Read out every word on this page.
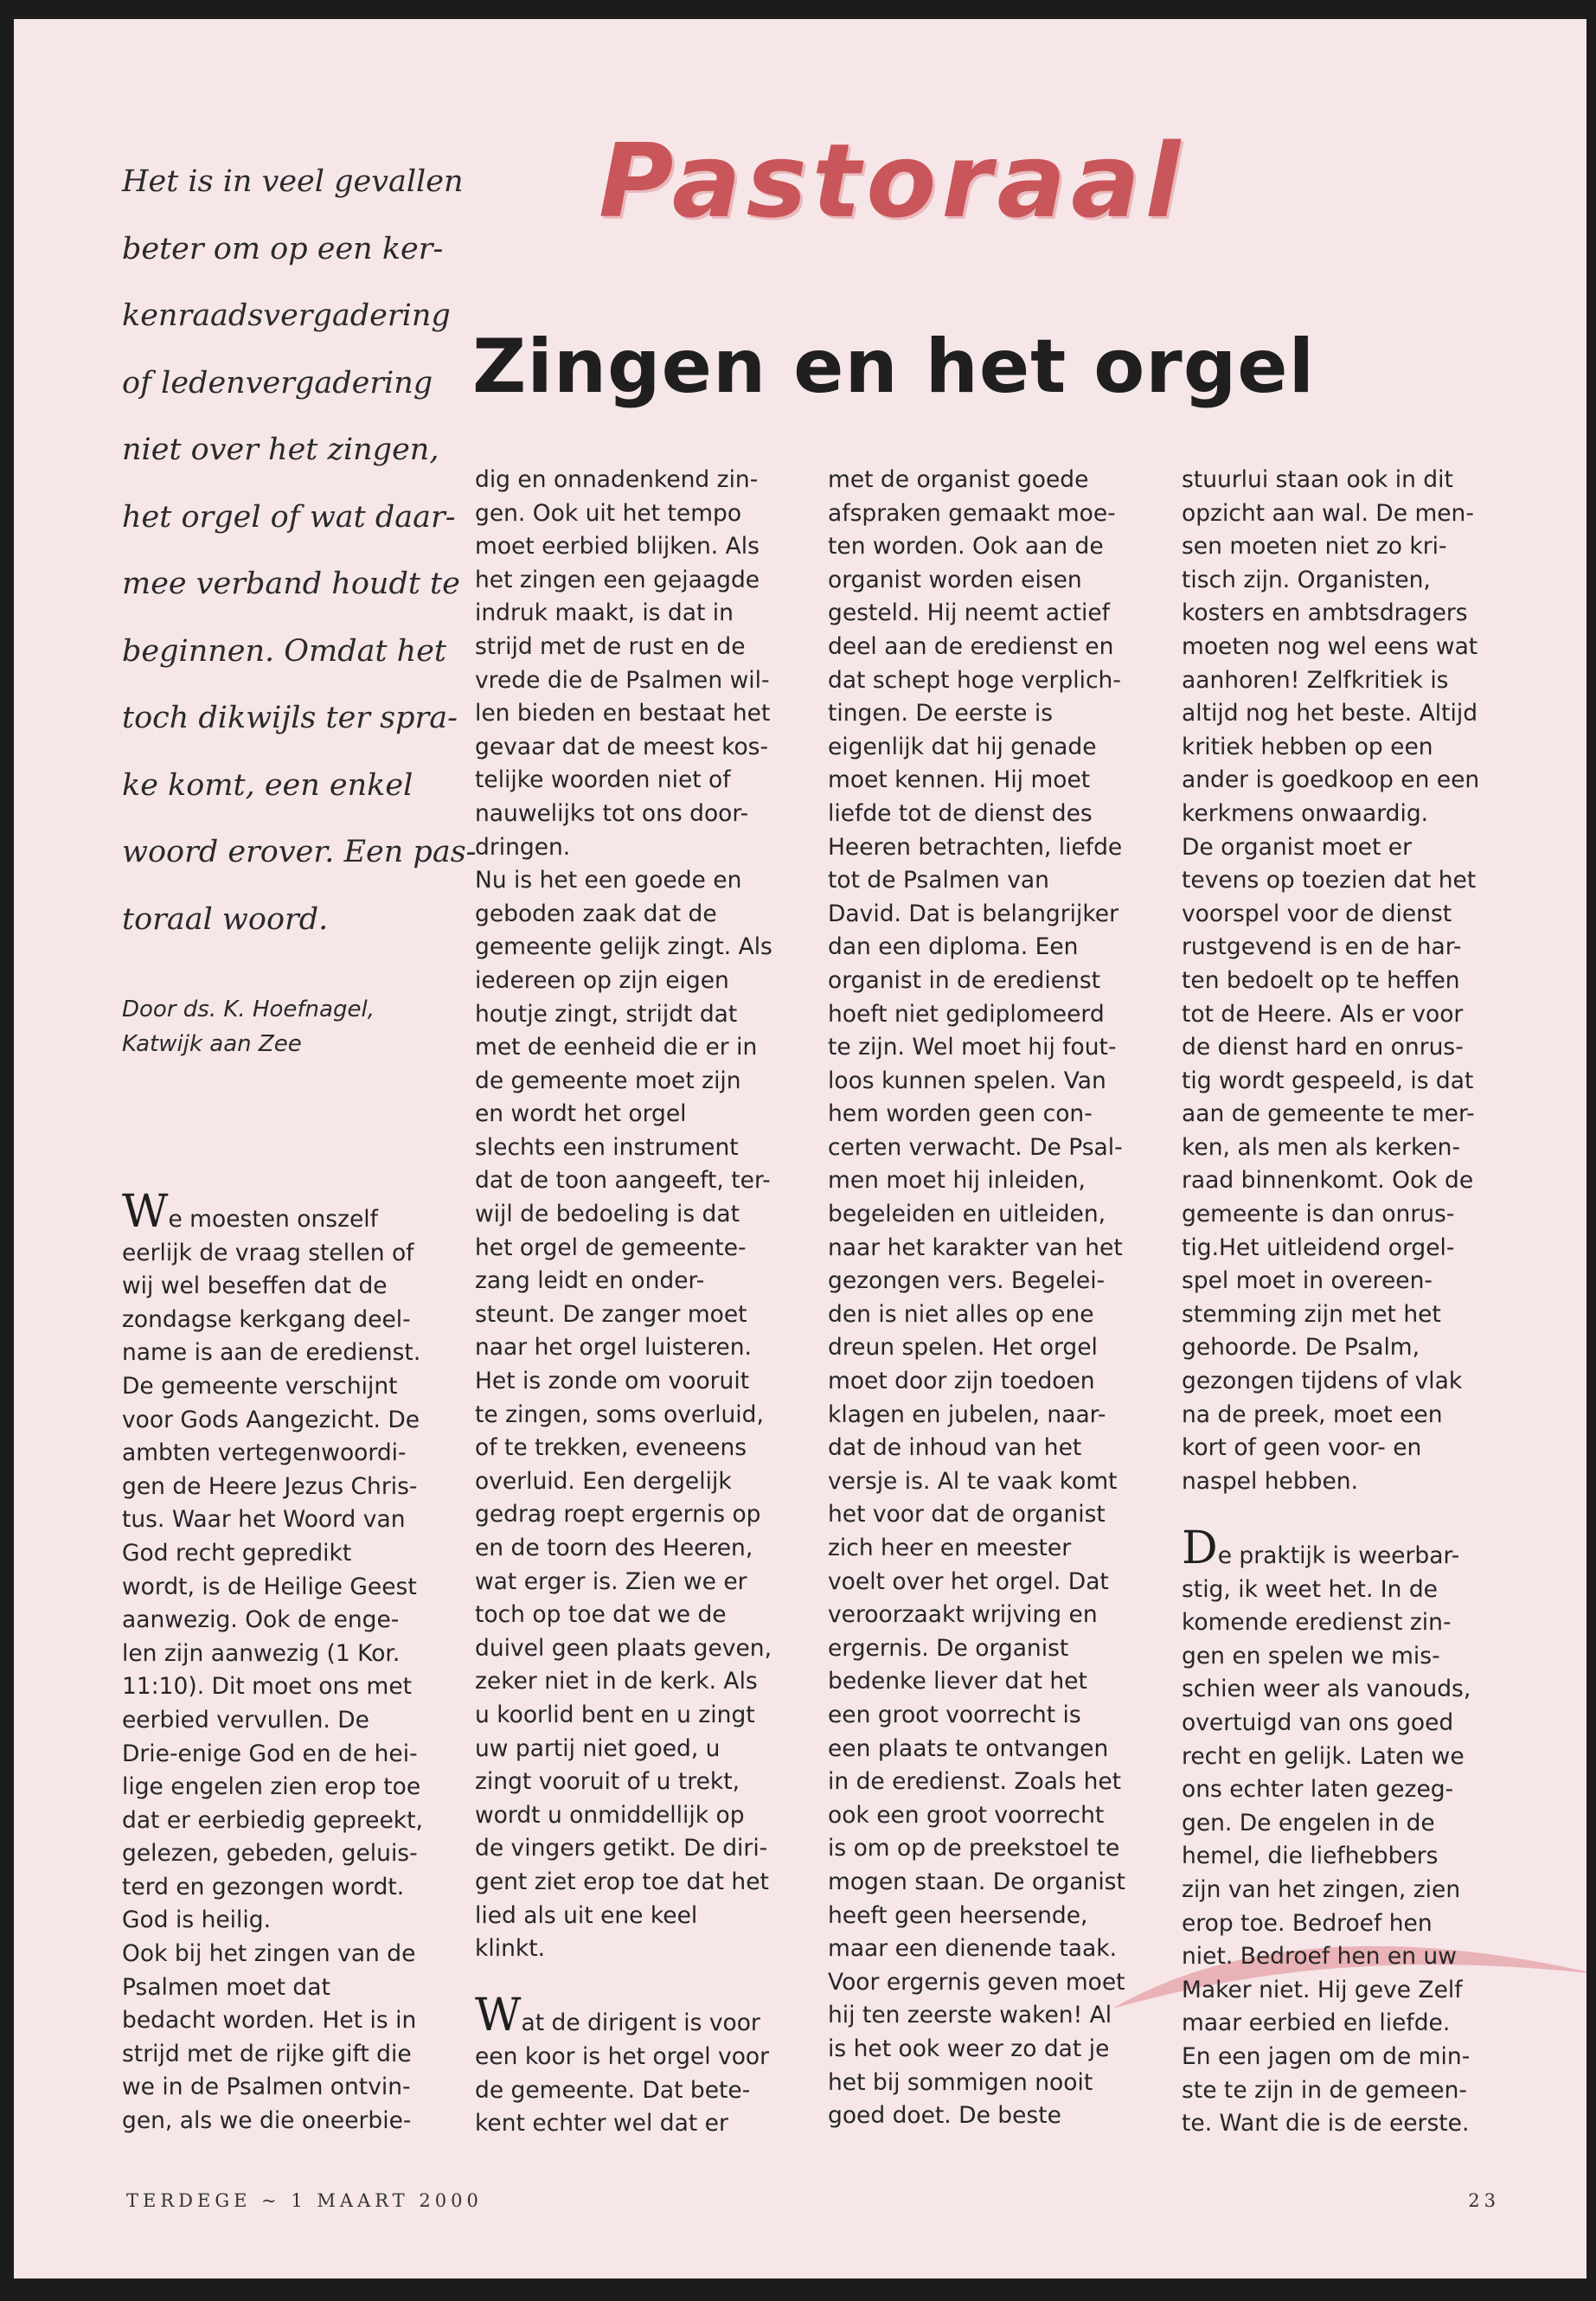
Pastoraal
Zingen en het orgel

Het is in veel gevallen
beter om op een ker-
kenraadsvergadering
of ledenvergadering
niet over het zingen,
het orgel of wat daar-
mee verband houdt te
beginnen. Omdat het
toch dikwijls ter spra-
ke komt, een enkel
woord erover. Een pas-
toraal woord.

Door ds. K. Hoefnagel,
Katwijk aan Zee
We moesten onszelf
eerlijk de vraag stellen of
wij wel beseffen dat de
zondagse kerkgang deel-
name is aan de eredienst.
De gemeente verschijnt
voor Gods Aangezicht. De
ambten vertegenwoordi-
gen de Heere Jezus Chris-
tus. Waar het Woord van
God recht gepredikt
wordt, is de Heilige Geest
aanwezig. Ook de enge-
len zijn aanwezig (1 Kor.
11:10). Dit moet ons met
eerbied vervullen. De
Drie-enige God en de hei-
lige engelen zien erop toe
dat er eerbiedig gepreekt,
gelezen, gebeden, geluis-
terd en gezongen wordt.
God is heilig.
Ook bij het zingen van de
Psalmen moet dat
bedacht worden. Het is in
strijd met de rijke gift die
we in de Psalmen ontvin-
gen, als we die oneerbie-
dig en onnadenkend zin-
gen. Ook uit het tempo
moet eerbied blijken. Als
het zingen een gejaagde
indruk maakt, is dat in
strijd met de rust en de
vrede die de Psalmen wil-
len bieden en bestaat het
gevaar dat de meest kos-
telijke woorden niet of
nauwelijks tot ons door-
dringen.
Nu is het een goede en
geboden zaak dat de
gemeente gelijk zingt. Als
iedereen op zijn eigen
houtje zingt, strijdt dat
met de eenheid die er in
de gemeente moet zijn
en wordt het orgel
slechts een instrument
dat de toon aangeeft, ter-
wijl de bedoeling is dat
het orgel de gemeente-
zang leidt en onder-
steunt. De zanger moet
naar het orgel luisteren.
Het is zonde om vooruit
te zingen, soms overluid,
of te trekken, eveneens
overluid. Een dergelijk
gedrag roept ergernis op
en de toorn des Heeren,
wat erger is. Zien we er
toch op toe dat we de
duivel geen plaats geven,
zeker niet in de kerk. Als
u koorlid bent en u zingt
uw partij niet goed, u
zingt vooruit of u trekt,
wordt u onmiddellijk op
de vingers getikt. De diri-
gent ziet erop toe dat het
lied als uit ene keel
klinkt.
Wat de dirigent is voor
een koor is het orgel voor
de gemeente. Dat bete-
kent echter wel dat er
met de organist goede
afspraken gemaakt moe-
ten worden. Ook aan de
organist worden eisen
gesteld. Hij neemt actief
deel aan de eredienst en
dat schept hoge verplich-
tingen. De eerste is
eigenlijk dat hij genade
moet kennen. Hij moet
liefde tot de dienst des
Heeren betrachten, liefde
tot de Psalmen van
David. Dat is belangrijker
dan een diploma. Een
organist in de eredienst
hoeft niet gediplomeerd
te zijn. Wel moet hij fout-
loos kunnen spelen. Van
hem worden geen con-
certen verwacht. De Psal-
men moet hij inleiden,
begeleiden en uitleiden,
naar het karakter van het
gezongen vers. Begelei-
den is niet alles op ene
dreun spelen. Het orgel
moet door zijn toedoen
klagen en jubelen, naar-
dat de inhoud van het
versje is. Al te vaak komt
het voor dat de organist
zich heer en meester
voelt over het orgel. Dat
veroorzaakt wrijving en
ergernis. De organist
bedenke liever dat het
een groot voorrecht is
een plaats te ontvangen
in de eredienst. Zoals het
ook een groot voorrecht
is om op de preekstoel te
mogen staan. De organist
heeft geen heersende,
maar een dienende taak.
Voor ergernis geven moet
hij ten zeerste waken! Al
is het ook weer zo dat je
het bij sommigen nooit
goed doet. De beste
stuurlui staan ook in dit
opzicht aan wal. De men-
sen moeten niet zo kri-
tisch zijn. Organisten,
kosters en ambtsdragers
moeten nog wel eens wat
aanhoren! Zelfkritiek is
altijd nog het beste. Altijd
kritiek hebben op een
ander is goedkoop en een
kerkmens onwaardig.
De organist moet er
tevens op toezien dat het
voorspel voor de dienst
rustgevend is en de har-
ten bedoelt op te heffen
tot de Heere. Als er voor
de dienst hard en onrus-
tig wordt gespeeld, is dat
aan de gemeente te mer-
ken, als men als kerken-
raad binnenkomt. Ook de
gemeente is dan onrus-
tig.Het uitleidend orgel-
spel moet in overeen-
stemming zijn met het
gehoorde. De Psalm,
gezongen tijdens of vlak
na de preek, moet een
kort of geen voor- en
naspel hebben.
De praktijk is weerbar-
stig, ik weet het. In de
komende eredienst zin-
gen en spelen we mis-
schien weer als vanouds,
overtuigd van ons goed
recht en gelijk. Laten we
ons echter laten gezeg-
gen. De engelen in de
hemel, die liefhebbers
zijn van het zingen, zien
erop toe. Bedroef hen
niet. Bedroef hen en uw
Maker niet. Hij geve Zelf
maar eerbied en liefde.
En een jagen om de min-
ste te zijn in de gemeen-
te. Want die is de eerste.
TERDEGE ~ 1 MAART 2000	23
